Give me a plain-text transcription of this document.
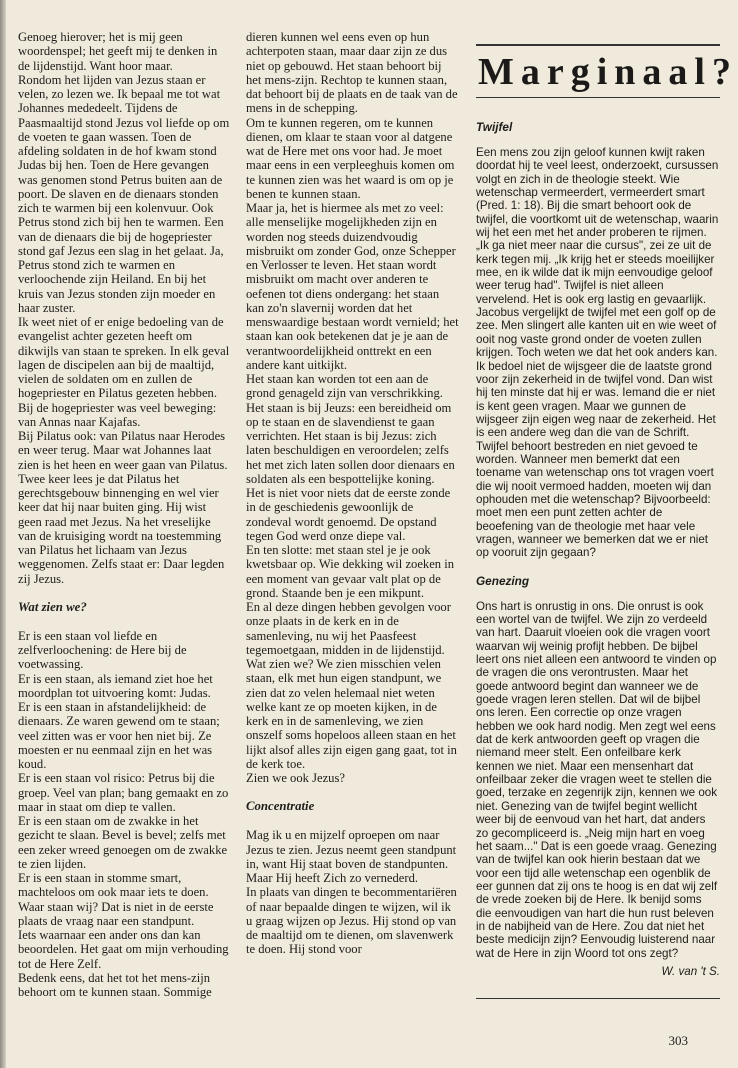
Genoeg hierover; het is mij geen woordenspel; het geeft mij te denken in de lijdenstijd. Want hoor maar.

Rondom het lijden van Jezus staan er velen, zo lezen we. Ik bepaal me tot wat Johannes mededeelt. Tijdens de Paasmaaltijd stond Jezus vol liefde op om de voeten te gaan wassen. Toen de afdeling soldaten in de hof kwam stond Judas bij hen. Toen de Here gevangen was genomen stond Petrus buiten aan de poort. De slaven en de dienaars stonden zich te warmen bij een kolenvuur. Ook Petrus stond zich bij hen te warmen. Een van de dienaars die bij de hogepriester stond gaf Jezus een slag in het gelaat. Ja, Petrus stond zich te warmen en verloochende zijn Heiland. En bij het kruis van Jezus stonden zijn moeder en haar zuster.

Ik weet niet of er enige bedoeling van de evangelist achter gezeten heeft om dikwijls van staan te spreken. In elk geval lagen de discipelen aan bij de maaltijd, vielen de soldaten om en zullen de hogepriester en Pilatus gezeten hebben. Bij de hogepriester was veel beweging: van Annas naar Kajafas.

Bij Pilatus ook: van Pilatus naar Herodes en weer terug. Maar wat Johannes laat zien is het heen en weer gaan van Pilatus. Twee keer lees je dat Pilatus het gerechtsgebouw binnenging en wel vier keer dat hij naar buiten ging. Hij wist geen raad met Jezus. Na het vreselijke van de kruisiging wordt na toestemming van Pilatus het lichaam van Jezus weggenomen. Zelfs staat er: Daar legden zij Jezus.

Wat zien we?

Er is een staan vol liefde en zelfverloochening: de Here bij de voetwassing.

Er is een staan, als iemand ziet hoe het moordplan tot uitvoering komt: Judas.

Er is een staan in afstandelijkheid: de dienaars. Ze waren gewend om te staan; veel zitten was er voor hen niet bij. Ze moesten er nu eenmaal zijn en het was koud.

Er is een staan vol risico: Petrus bij die groep. Veel van plan; bang gemaakt en zo maar in staat om diep te vallen.

Er is een staan om de zwakke in het gezicht te slaan. Bevel is bevel; zelfs met een zeker wreed genoegen om de zwakke te zien lijden.

Er is een staan in stomme smart, machteloos om ook maar iets te doen.

Waar staan wij? Dat is niet in de eerste plaats de vraag naar een standpunt.

Iets waarnaar een ander ons dan kan beoordelen. Het gaat om mijn verhouding tot de Here Zelf.

Bedenk eens, dat het tot het mens-zijn behoort om te kunnen staan. Sommige

dieren kunnen wel eens even op hun achterpoten staan, maar daar zijn ze dus niet op gebouwd. Het staan behoort bij het mens-zijn. Rechtop te kunnen staan, dat behoort bij de plaats en de taak van de mens in de schepping.

Om te kunnen regeren, om te kunnen dienen, om klaar te staan voor al datgene wat de Here met ons voor had. Je moet maar eens in een verpleeghuis komen om te kunnen zien was het waard is om op je benen te kunnen staan.

Maar ja, het is hiermee als met zo veel: alle menselijke mogelijkheden zijn en worden nog steeds duizendvoudig misbruikt om zonder God, onze Schepper en Verlosser te leven. Het staan wordt misbruikt om macht over anderen te oefenen tot diens ondergang: het staan kan zo'n slavernij worden dat het menswaardige bestaan wordt vernield; het staan kan ook betekenen dat je je aan de verantwoordelijkheid onttrekt en een andere kant uitkijkt.

Het staan kan worden tot een aan de grond genageld zijn van verschrikking.

Het staan is bij Jeuzs: een bereidheid om op te staan en de slavendienst te gaan verrichten. Het staan is bij Jezus: zich laten beschuldigen en veroordelen; zelfs het met zich laten sollen door dienaars en soldaten als een bespottelijke koning.

Het is niet voor niets dat de eerste zonde in de geschiedenis gewoonlijk de zondeval wordt genoemd. De opstand tegen God werd onze diepe val.

En ten slotte: met staan stel je je ook kwetsbaar op. Wie dekking wil zoeken in een moment van gevaar valt plat op de grond. Staande ben je een mikpunt.

En al deze dingen hebben gevolgen voor onze plaats in de kerk en in de samenleving, nu wij het Paasfeest tegemoetgaan, midden in de lijdenstijd.

Wat zien we? We zien misschien velen staan, elk met hun eigen standpunt, we zien dat zo velen helemaal niet weten welke kant ze op moeten kijken, in de kerk en in de samenleving, we zien onszelf soms hopeloos alleen staan en het lijkt alsof alles zijn eigen gang gaat, tot in de kerk toe.

Zien we ook Jezus?

Concentratie

Mag ik u en mijzelf oproepen om naar Jezus te zien. Jezus neemt geen standpunt in, want Hij staat boven de standpunten. Maar Hij heeft Zich zo vernederd.

In plaats van dingen te becommentariëren of naar bepaalde dingen te wijzen, wil ik u graag wijzen op Jezus. Hij stond op van de maaltijd om te dienen, om slavenwerk te doen. Hij stond voor

Marginaal?
Twijfel

Een mens zou zijn geloof kunnen kwijt raken doordat hij te veel leest, onderzoekt, cursussen volgt en zich in de theologie steekt. Wie wetenschap vermeerdert, vermeerdert smart (Pred. 1: 18). Bij die smart behoort ook de twijfel, die voortkomt uit de wetenschap, waarin wij het een met het ander proberen te rijmen. „Ik ga niet meer naar die cursus", zei ze uit de kerk tegen mij. „Ik krijg het er steeds moeilijker mee, en ik wilde dat ik mijn eenvoudige geloof weer terug had". Twijfel is niet alleen vervelend. Het is ook erg lastig en gevaarlijk. Jacobus vergelijkt de twijfel met een golf op de zee. Men slingert alle kanten uit en wie weet of ooit nog vaste grond onder de voeten zullen krijgen. Toch weten we dat het ook anders kan. Ik bedoel niet de wijsgeer die de laatste grond voor zijn zekerheid in de twijfel vond. Dan wist hij ten minste dat hij er was. Iemand die er niet is kent geen vragen. Maar we gunnen de wijsgeer zijn eigen weg naar de zekerheid. Het is een andere weg dan die van de Schrift. Twijfel behoort bestreden en niet gevoed te worden. Wanneer men bemerkt dat een toename van wetenschap ons tot vragen voert die wij nooit vermoed hadden, moeten wij dan ophouden met die wetenschap? Bijvoorbeeld: moet men een punt zetten achter de beoefening van de theologie met haar vele vragen, wanneer we bemerken dat we er niet op vooruit zijn gegaan?

Genezing

Ons hart is onrustig in ons. Die onrust is ook een wortel van de twijfel. We zijn zo verdeeld van hart. Daaruit vloeien ook die vragen voort waarvan wij weinig profijt hebben. De bijbel leert ons niet alleen een antwoord te vinden op de vragen die ons verontrusten. Maar het goede antwoord begint dan wanneer we de goede vragen leren stellen. Dat wil de bijbel ons leren. Een correctie op onze vragen hebben we ook hard nodig. Men zegt wel eens dat de kerk antwoorden geeft op vragen die niemand meer stelt. Een onfeilbare kerk kennen we niet. Maar een mensenhart dat onfeilbaar zeker die vragen weet te stellen die goed, terzake en zegenrijk zijn, kennen we ook niet. Genezing van de twijfel begint wellicht weer bij de eenvoud van het hart, dat anders zo gecompliceerd is. „Neig mijn hart en voeg het saam..." Dat is een goede vraag. Genezing van de twijfel kan ook hierin bestaan dat we voor een tijd alle wetenschap een ogenblik de eer gunnen dat zij ons te hoog is en dat wij zelf de vrede zoeken bij de Here. Ik benijd soms die eenvoudigen van hart die hun rust beleven in de nabijheid van de Here. Zou dat niet het beste medicijn zijn? Eenvoudig luisterend naar wat de Here in zijn Woord tot ons zegt?

W. van 't S.
303
